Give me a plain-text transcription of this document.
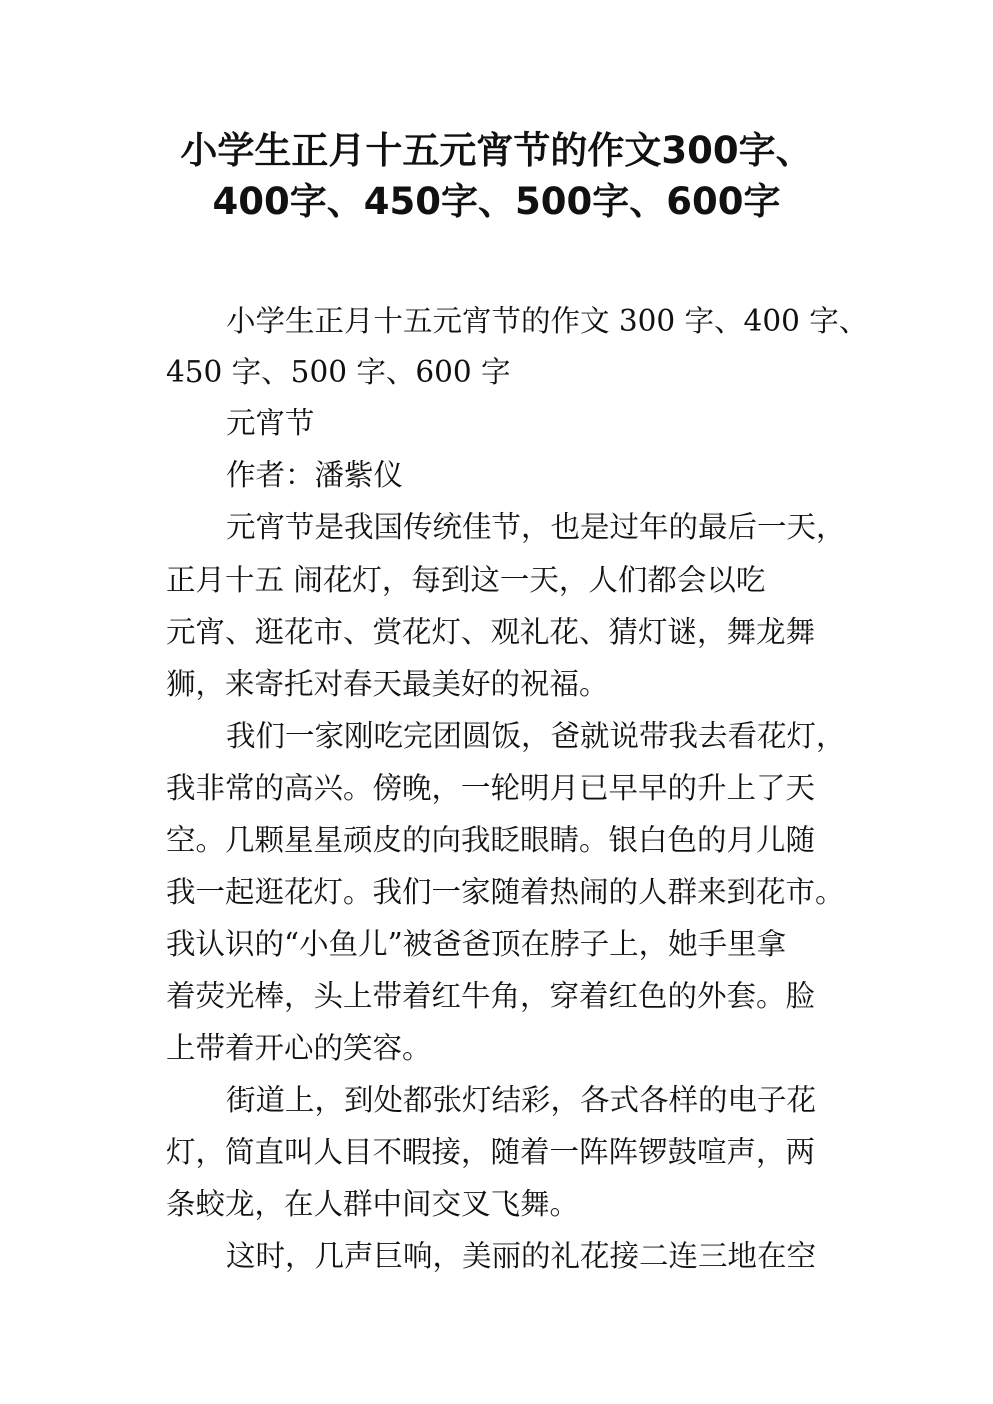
小学生正月十五元宵节的作文300字、
400字、450字、500字、600字
小学生正月十五元宵节的作文 300 字、400 字、
450 字、500 字、600 字
元宵节
作者：潘紫仪
元宵节是我国传统佳节，也是过年的最后一天，
正月十五 闹花灯，每到这一天，人们都会以吃
元宵、逛花市、赏花灯、观礼花、猜灯谜，舞龙舞
狮，来寄托对春天最美好的祝福。
我们一家刚吃完团圆饭，爸就说带我去看花灯，
我非常的高兴。傍晚，一轮明月已早早的升上了天
空。几颗星星顽皮的向我眨眼睛。银白色的月儿随
我一起逛花灯。我们一家随着热闹的人群来到花市。
我认识的“小鱼儿”被爸爸顶在脖子上，她手里拿
着荧光棒，头上带着红牛角，穿着红色的外套。脸
上带着开心的笑容。
街道上，到处都张灯结彩，各式各样的电子花
灯，简直叫人目不暇接，随着一阵阵锣鼓喧声，两
条蛟龙，在人群中间交叉飞舞。
这时，几声巨响，美丽的礼花接二连三地在空
